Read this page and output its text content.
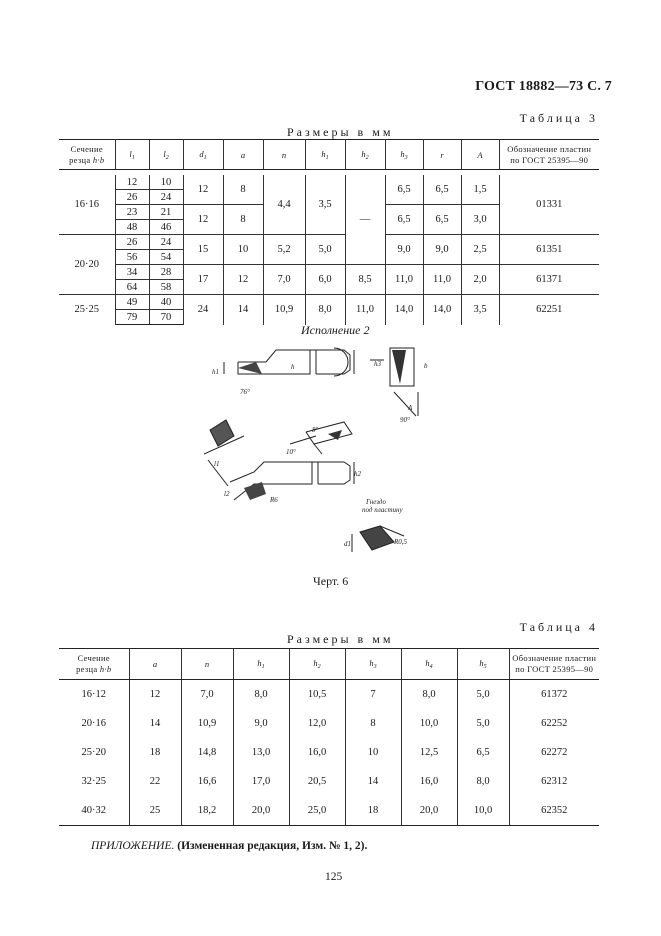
ГОСТ 18882—73 С. 7
Таблица 3
Размеры в мм
Сечение
резца h·b	$l_1$	$l_2$	$d_1$	a	n	$h_1$	$h_2$	$h_3$	r	A	Обозначение пластин
по ГОСТ 25395—90

16·16	12	10	12	8	4,4	3,5	—	6,5	6,5	1,5	01331
	26	24									
	23	21	12	8				6,5	6,5	3,0	
	48	46									
20·20	26	24	15	10	5,2	5,0		9,0	9,0	2,5	61351
	56	54									
	34	28	17	12	7,0	6,0	8,5	11,0	11,0	2,0	61371
	64	58									
25·25	49	40	24	14	10,9	8,0	11,0	14,0	14,0	3,5	62251
	79	70									
Исполнение 2
h
h1
h3	b
A
90°
76°
10°
8°
l1
l2
R6
h2
d1	R0,5
Гнездо
под пластину
Черт. 6
Таблица 4
Размеры в мм
Сечение
резца h·b	a	n	$h_1$	$h_2$	$h_3$	$h_4$	$h_5$	Обозначение пластин
по ГОСТ 25395—90
16·12	12	7,0	8,0	10,5	7	8,0	5,0	61372
20·16	14	10,9	9,0	12,0	8	10,0	5,0	62252
25·20	18	14,8	13,0	16,0	10	12,5	6,5	62272
32·25	22	16,6	17,0	20,5	14	16,0	8,0	62312
40·32	25	18,2	20,0	25,0	18	20,0	10,0	62352
ПРИЛОЖЕНИЕ. (Измененная редакция, Изм. № 1, 2).
125
